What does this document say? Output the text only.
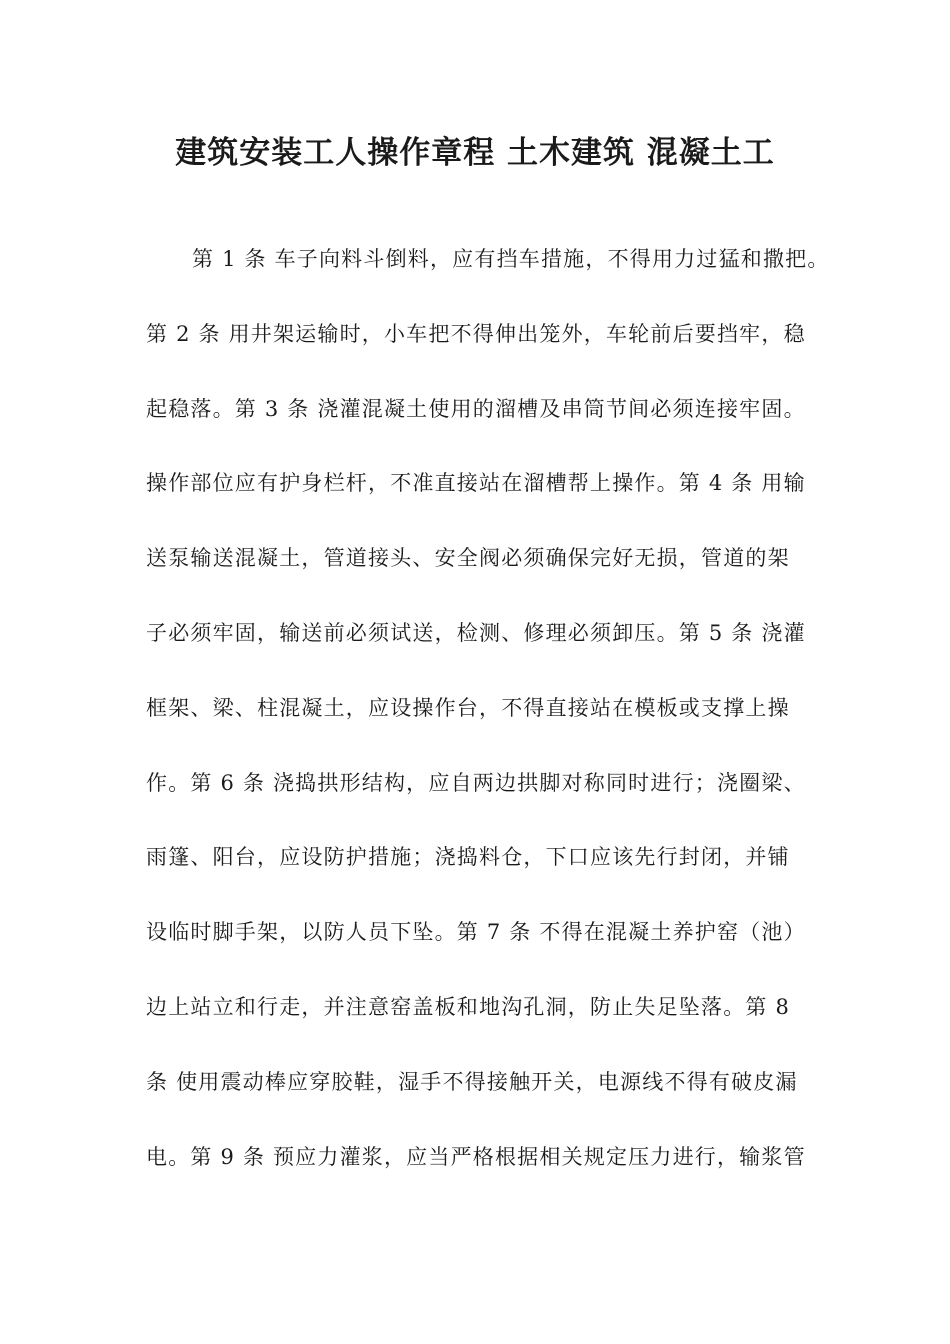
建筑安装工人操作章程 土木建筑 混凝土工
第 1 条 车子向料斗倒料，应有挡车措施，不得用力过猛和撒把。
第 2 条 用井架运输时，小车把不得伸出笼外，车轮前后要挡牢，稳
起稳落。第 3 条 浇灌混凝土使用的溜槽及串筒节间必须连接牢固。
操作部位应有护身栏杆，不准直接站在溜槽帮上操作。第 4 条 用输
送泵输送混凝土，管道接头、安全阀必须确保完好无损，管道的架
子必须牢固，输送前必须试送，检测、修理必须卸压。第 5 条 浇灌
框架、梁、柱混凝土，应设操作台，不得直接站在模板或支撑上操
作。第 6 条 浇捣拱形结构，应自两边拱脚对称同时进行；浇圈梁、
雨篷、阳台，应设防护措施；浇捣料仓，下口应该先行封闭，并铺
设临时脚手架，以防人员下坠。第 7 条 不得在混凝土养护窑（池）
边上站立和行走，并注意窑盖板和地沟孔洞，防止失足坠落。第 8
条 使用震动棒应穿胶鞋，湿手不得接触开关，电源线不得有破皮漏
电。第 9 条 预应力灌浆，应当严格根据相关规定压力进行，输浆管
